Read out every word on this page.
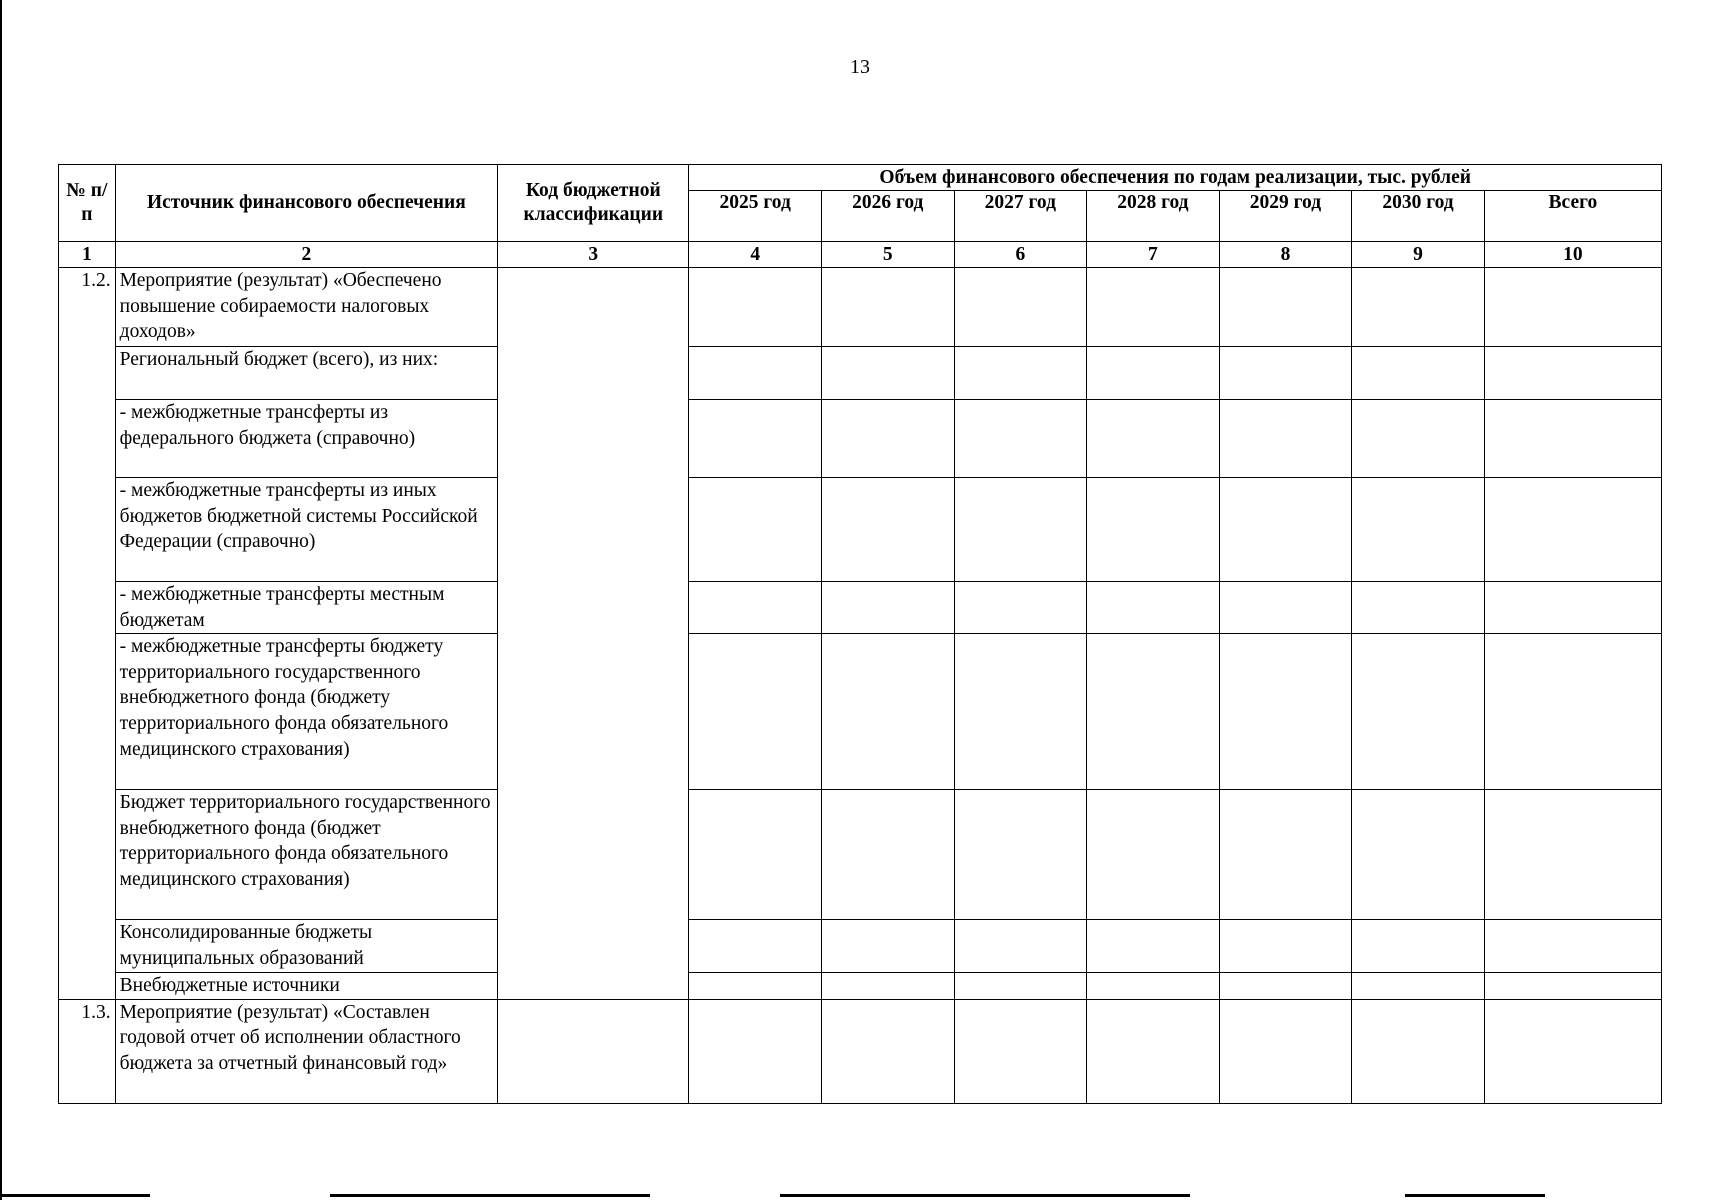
13
№ п/п	Источник финансового обеспечения	Код бюджетной классификации	Объем финансового обеспечения по годам реализации, тыс. рублей						
			2025 год	2026 год	2027 год	2028 год	2029 год	2030 год	Всего
1	2	3	4	5	6	7	8	9	10
1.2.	Мероприятие (результат) «Обеспечено повышение собираемости налоговых доходов»								
	Региональный бюджет (всего), из них:								
	- межбюджетные трансферты из федерального бюджета (справочно)								
	- межбюджетные трансферты из иных бюджетов бюджетной системы Российской Федерации (справочно)								
	- межбюджетные трансферты местным бюджетам								
	- межбюджетные трансферты бюджету территориального государственного внебюджетного фонда (бюджету территориального фонда обязательного медицинского страхования)								
	Бюджет территориального государственного внебюджетного фонда (бюджет территориального фонда обязательного медицинского страхования)								
	Консолидированные бюджеты муниципальных образований								
	Внебюджетные источники								
1.3.	Мероприятие (результат) «Составлен годовой отчет об исполнении областного бюджета за отчетный финансовый год»								
